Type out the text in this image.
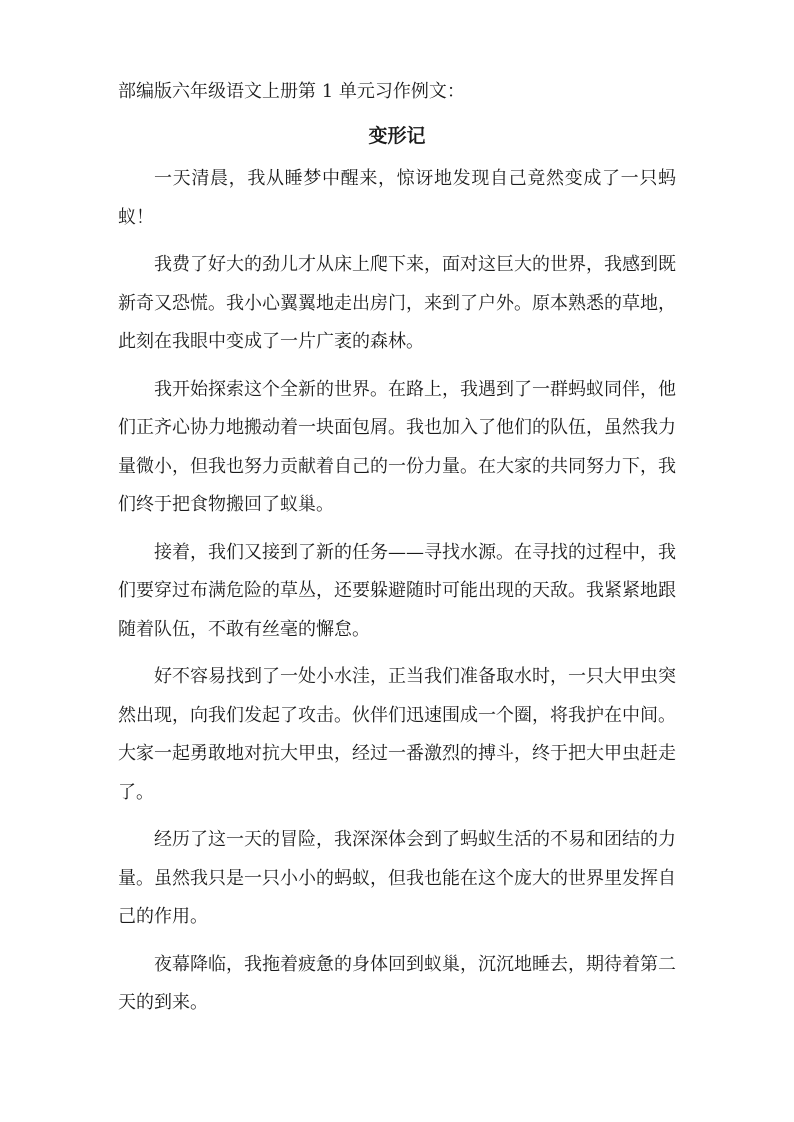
部编版六年级语文上册第 1 单元习作例文：

变形记

一天清晨，我从睡梦中醒来，惊讶地发现自己竟然变成了一只蚂蚁！

我费了好大的劲儿才从床上爬下来，面对这巨大的世界，我感到既新奇又恐慌。我小心翼翼地走出房门，来到了户外。原本熟悉的草地，此刻在我眼中变成了一片广袤的森林。

我开始探索这个全新的世界。在路上，我遇到了一群蚂蚁同伴，他们正齐心协力地搬动着一块面包屑。我也加入了他们的队伍，虽然我力量微小，但我也努力贡献着自己的一份力量。在大家的共同努力下，我们终于把食物搬回了蚁巢。

接着，我们又接到了新的任务——寻找水源。在寻找的过程中，我们要穿过布满危险的草丛，还要躲避随时可能出现的天敌。我紧紧地跟随着队伍，不敢有丝毫的懈怠。

好不容易找到了一处小水洼，正当我们准备取水时，一只大甲虫突然出现，向我们发起了攻击。伙伴们迅速围成一个圈，将我护在中间。大家一起勇敢地对抗大甲虫，经过一番激烈的搏斗，终于把大甲虫赶走了。

经历了这一天的冒险，我深深体会到了蚂蚁生活的不易和团结的力量。虽然我只是一只小小的蚂蚁，但我也能在这个庞大的世界里发挥自己的作用。

夜幕降临，我拖着疲惫的身体回到蚁巢，沉沉地睡去，期待着第二天的到来。
